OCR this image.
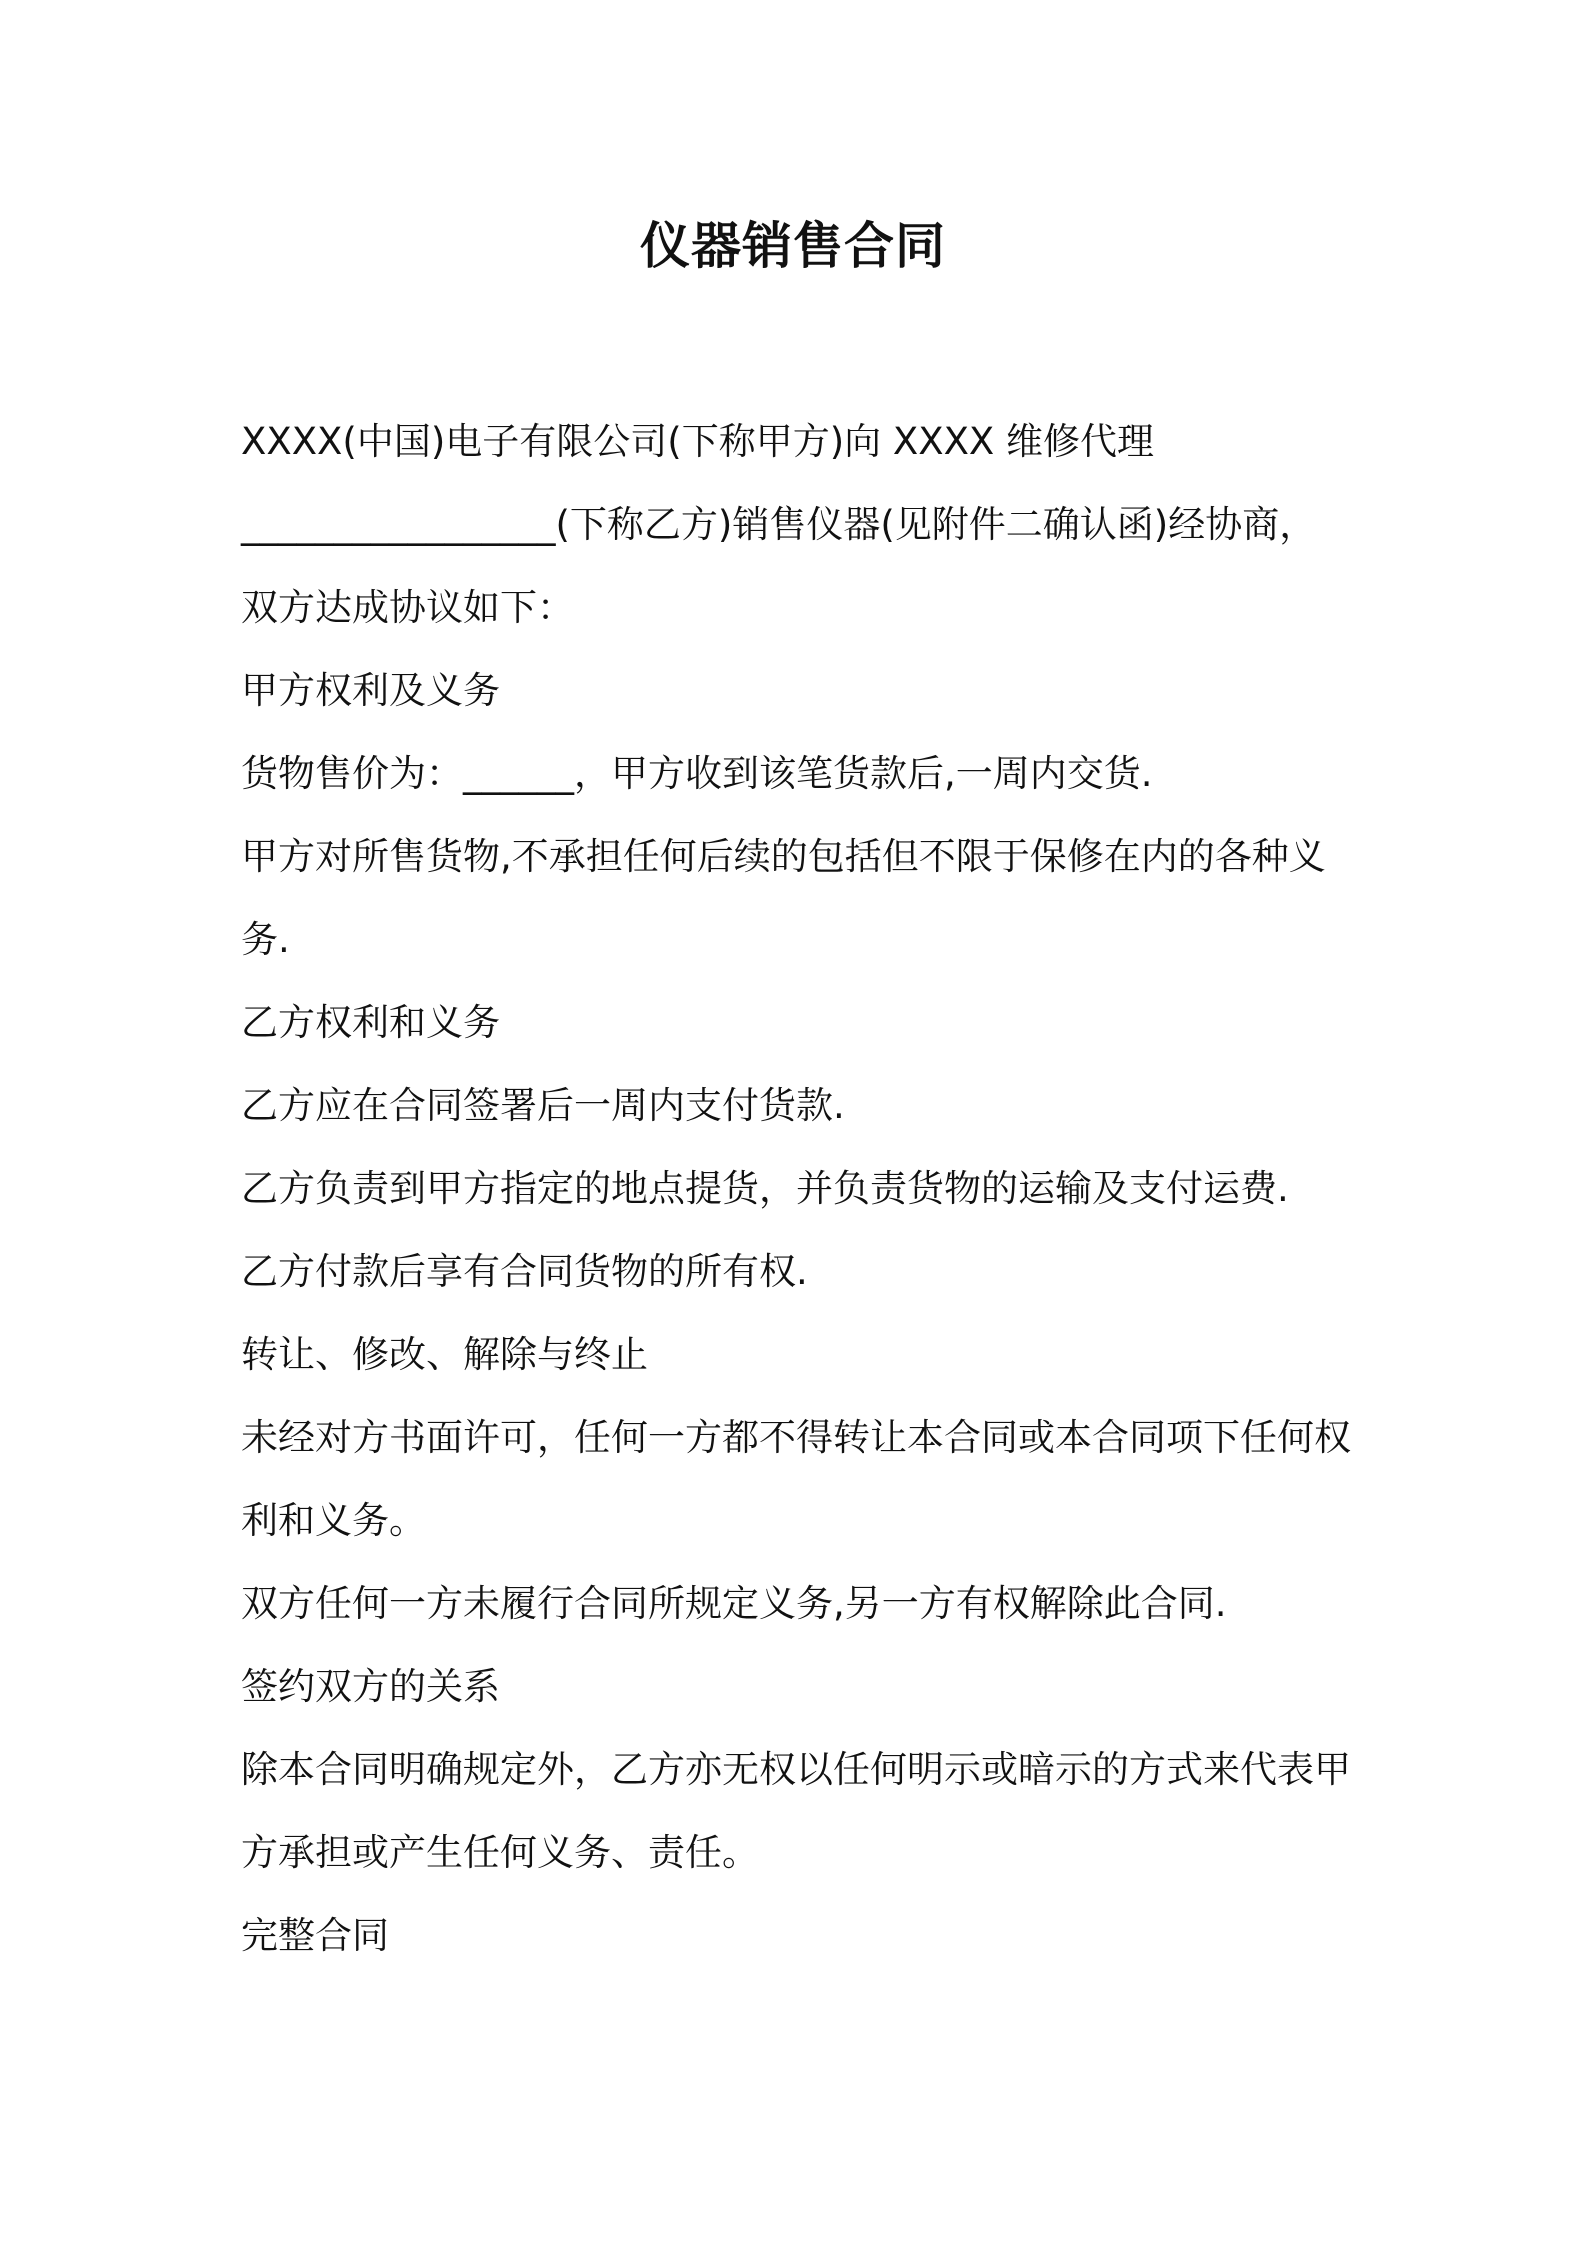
仪器销售合同
XXXX(中国)电子有限公司(下称甲方)向 XXXX 维修代理
_________________(下称乙方)销售仪器(见附件二确认函)经协商，
双方达成协议如下：
甲方权利及义务
货物售价为：______，甲方收到该笔货款后,一周内交货.
甲方对所售货物,不承担任何后续的包括但不限于保修在内的各种义
务.
乙方权利和义务
乙方应在合同签署后一周内支付货款.
乙方负责到甲方指定的地点提货，并负责货物的运输及支付运费.
乙方付款后享有合同货物的所有权.
转让、修改、解除与终止
未经对方书面许可，任何一方都不得转让本合同或本合同项下任何权
利和义务。
双方任何一方未履行合同所规定义务,另一方有权解除此合同.
签约双方的关系
除本合同明确规定外，乙方亦无权以任何明示或暗示的方式来代表甲
方承担或产生任何义务、责任。
完整合同
